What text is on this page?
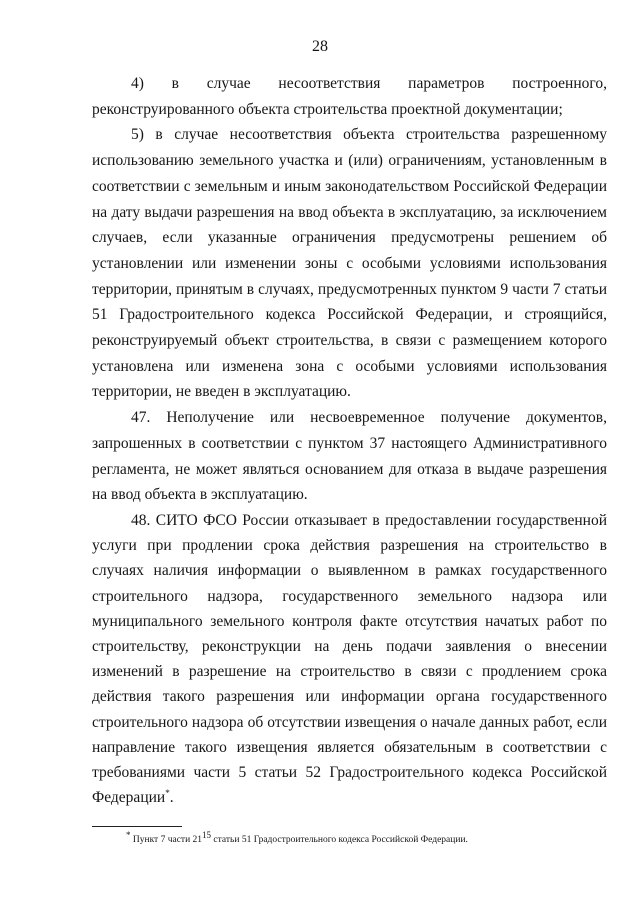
28

4) в случае несоответствия параметров построенного, реконструированного объекта строительства проектной документации;

5) в случае несоответствия объекта строительства разрешенному использованию земельного участка и (или) ограничениям, установленным в соответствии с земельным и иным законодательством Российской Федерации на дату выдачи разрешения на ввод объекта в эксплуатацию, за исключением случаев, если указанные ограничения предусмотрены решением об установлении или изменении зоны с особыми условиями использования территории, принятым в случаях, предусмотренных пунктом 9 части 7 статьи 51 Градостроительного кодекса Российской Федерации, и строящийся, реконструируемый объект строительства, в связи с размещением которого установлена или изменена зона с особыми условиями использования территории, не введен в эксплуатацию.

47. Неполучение или несвоевременное получение документов, запрошенных в соответствии с пунктом 37 настоящего Административного регламента, не может являться основанием для отказа в выдаче разрешения на ввод объекта в эксплуатацию.

48. СИТО ФСО России отказывает в предоставлении государственной услуги при продлении срока действия разрешения на строительство в случаях наличия информации о выявленном в рамках государственного строительного надзора, государственного земельного надзора или муниципального земельного контроля факте отсутствия начатых работ по строительству, реконструкции на день подачи заявления о внесении изменений в разрешение на строительство в связи с продлением срока действия такого разрешения или информации органа государственного строительного надзора об отсутствии извещения о начале данных работ, если направление такого извещения является обязательным в соответствии с требованиями части 5 статьи 52 Градостроительного кодекса Российской Федерации*.

* Пункт 7 части $21^{15}$ статьи 51 Градостроительного кодекса Российской Федерации.
